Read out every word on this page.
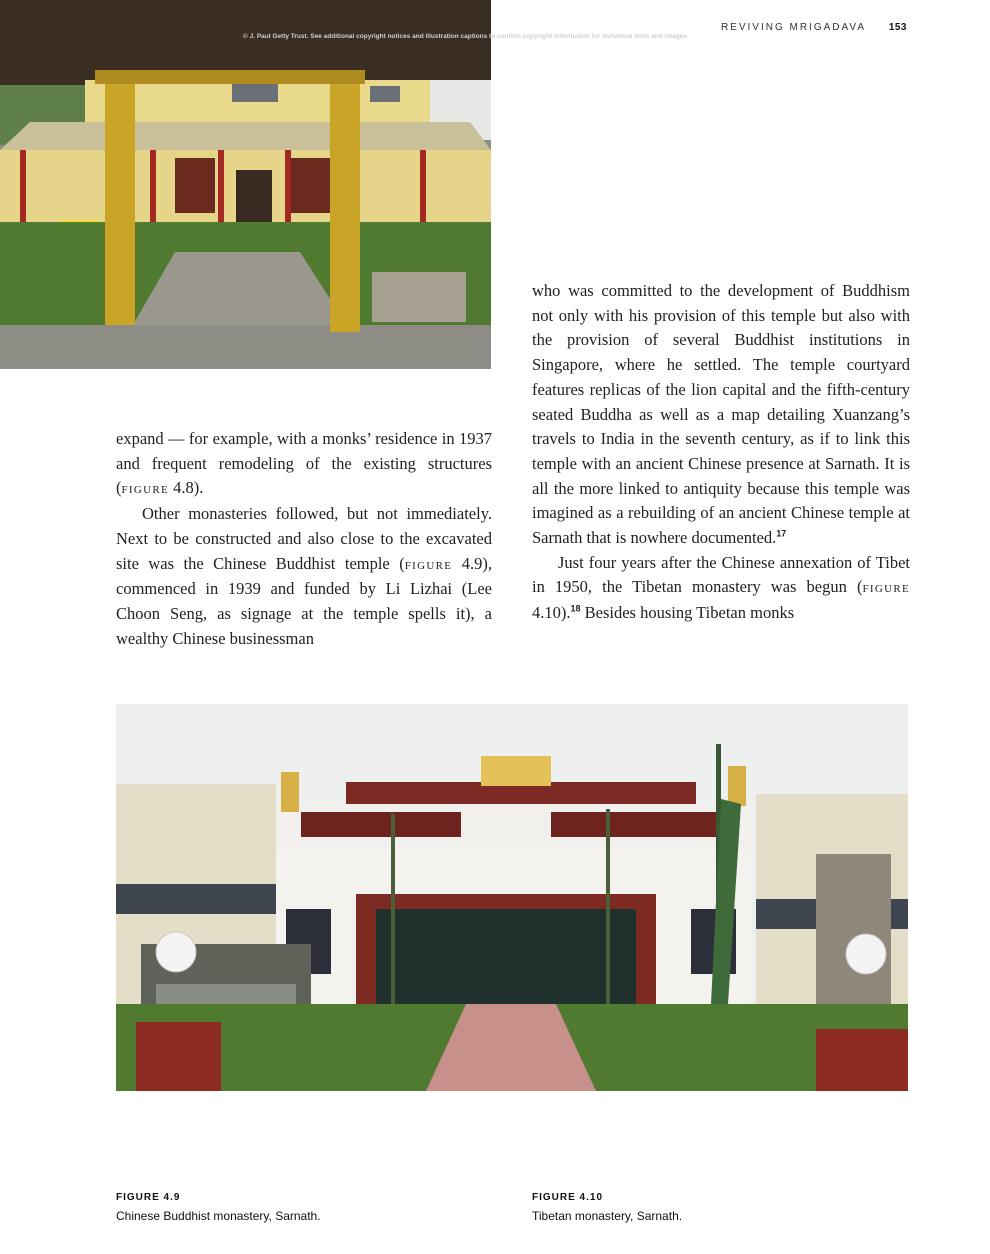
REVIVING MRIGADAVA 153
© J. Paul Getty Trust. See additional copyright notices and illustration captions to confirm copyright information for individual texts and images

expand — for example, with a monks’ residence in 1937 and frequent remodeling of the existing structures (figure 4.8).

Other monasteries followed, but not immediately. Next to be constructed and also close to the excavated site was the Chinese Buddhist temple (figure 4.9), commenced in 1939 and funded by Li Lizhai (Lee Choon Seng, as signage at the temple spells it), a wealthy Chinese businessman

who was committed to the development of Buddhism not only with his provision of this temple but also with the provision of several Buddhist institutions in Singapore, where he settled. The temple courtyard features replicas of the lion capital and the fifth-century seated Buddha as well as a map detailing Xuanzang’s travels to India in the seventh century, as if to link this temple with an ancient Chinese presence at Sarnath. It is all the more linked to antiquity because this temple was imagined as a rebuilding of an ancient Chinese temple at Sarnath that is nowhere documented.$^{17}$

Just four years after the Chinese annexation of Tibet in 1950, the Tibetan monastery was begun (figure 4.10).$^{18}$ Besides housing Tibetan monks

FIGURE 4.9
Chinese Buddhist monastery, Sarnath.
FIGURE 4.10
Tibetan monastery, Sarnath.
